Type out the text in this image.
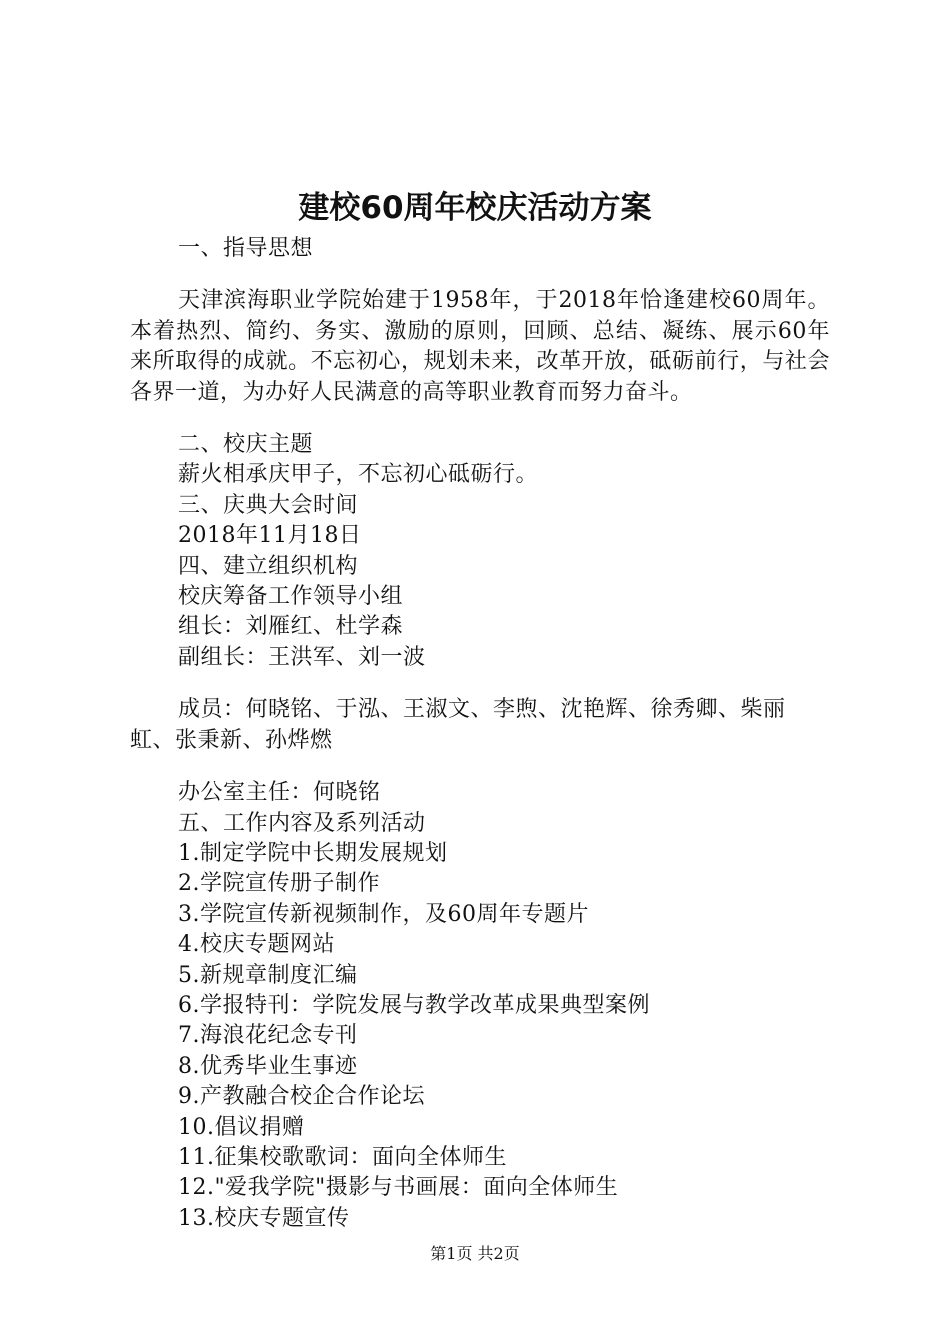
建校60周年校庆活动方案

一、指导思想

天津滨海职业学院始建于1958年，于2018年恰逢建校60周年。本着热烈、简约、务实、激励的原则，回顾、总结、凝练、展示60年来所取得的成就。不忘初心，规划未来，改革开放，砥砺前行，与社会各界一道，为办好人民满意的高等职业教育而努力奋斗。

二、校庆主题

薪火相承庆甲子，不忘初心砥砺行。

三、庆典大会时间

2018年11月18日

四、建立组织机构

校庆筹备工作领导小组

组长：刘雁红、杜学森

副组长：王洪军、刘一波

成员：何晓铭、于泓、王淑文、李煦、沈艳辉、徐秀卿、柴丽虹、张秉新、孙烨燃

办公室主任：何晓铭

五、工作内容及系列活动

1.制定学院中长期发展规划

2.学院宣传册子制作

3.学院宣传新视频制作，及60周年专题片

4.校庆专题网站

5.新规章制度汇编

6.学报特刊：学院发展与教学改革成果典型案例

7.海浪花纪念专刊

8.优秀毕业生事迹

9.产教融合校企合作论坛

10.倡议捐赠

11.征集校歌歌词：面向全体师生

12."爱我学院"摄影与书画展：面向全体师生

13.校庆专题宣传

第1页 共2页
